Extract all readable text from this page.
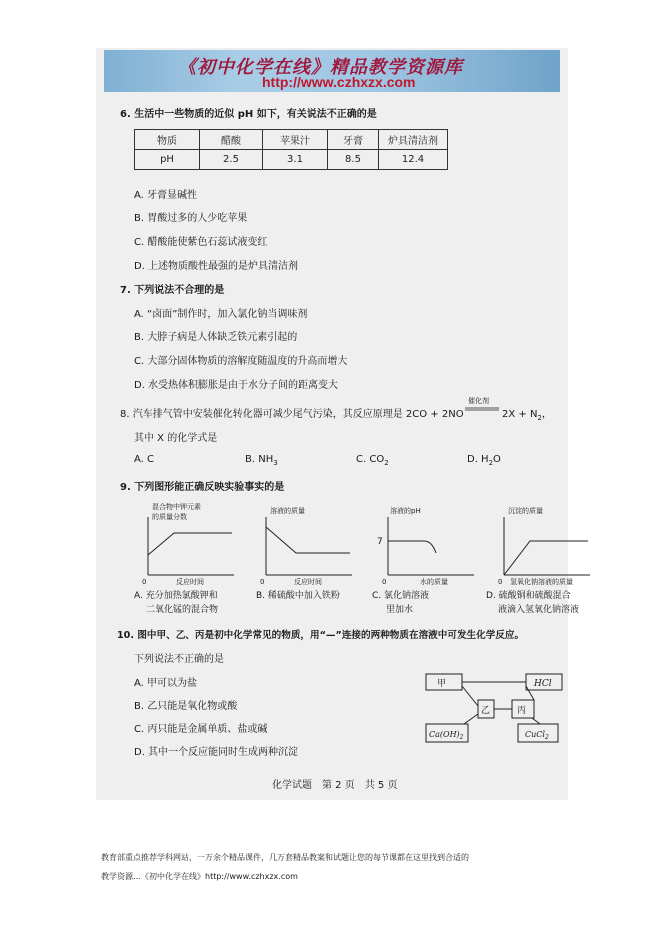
《初中化学在线》精品教学资源库
http://www.czhxzx.com
6. 生活中一些物质的近似 pH 如下，有关说法不正确的是
物质	醋酸	苹果汁	牙膏	炉具清洁剂
pH	2.5	3.1	8.5	12.4
A. 牙膏显碱性
B. 胃酸过多的人少吃苹果
C. 醋酸能使紫色石蕊试液变红
D. 上述物质酸性最强的是炉具清洁剂
7. 下列说法不合理的是
A. “卤面”制作时，加入氯化钠当调味剂
B. 大脖子病是人体缺乏铁元素引起的
C. 大部分固体物质的溶解度随温度的升高而增大
D. 水受热体积膨胀是由于水分子间的距离变大
8. 汽车排气管中安装催化转化器可减少尾气污染，其反应原理是 2CO + 2NO
催化剂
$2X + N_2$，
其中 X 的化学式是
A. C	B. $NH_3$	C. $CO_2$	D. $H_2O$
9. 下列图形能正确反映实验事实的是
混合物中钾元素
的质量分数
0	反应时间
溶液的质量
0	反应时间
溶液的pH
7
0	水的质量
沉淀的质量
0 氢氧化钠溶液的质量
A. 充分加热氯酸钾和
二氧化锰的混合物
B. 稀硫酸中加入铁粉	C. 氯化钠溶液
里加水
D. 硫酸铜和硫酸混合
液滴入氢氧化钠溶液
10. 图中甲、乙、丙是初中化学常见的物质，用“—”连接的两种物质在溶液中可发生化学反应。
下列说法不正确的是
A. 甲可以为盐
B. 乙只能是氧化物或酸
C. 丙只能是金属单质、盐或碱
D. 其中一个反应能同时生成两种沉淀
甲	HCl
乙	丙
$Ca(OH)_2$	CuCl$_2$
化学试题　第 2 页　共 5 页
教育部重点推荐学科网站，一万余个精品课件，几万套精品教案和试题让您的每节课都在这里找到合适的
教学资源…《初中化学在线》http://www.czhxzx.com
